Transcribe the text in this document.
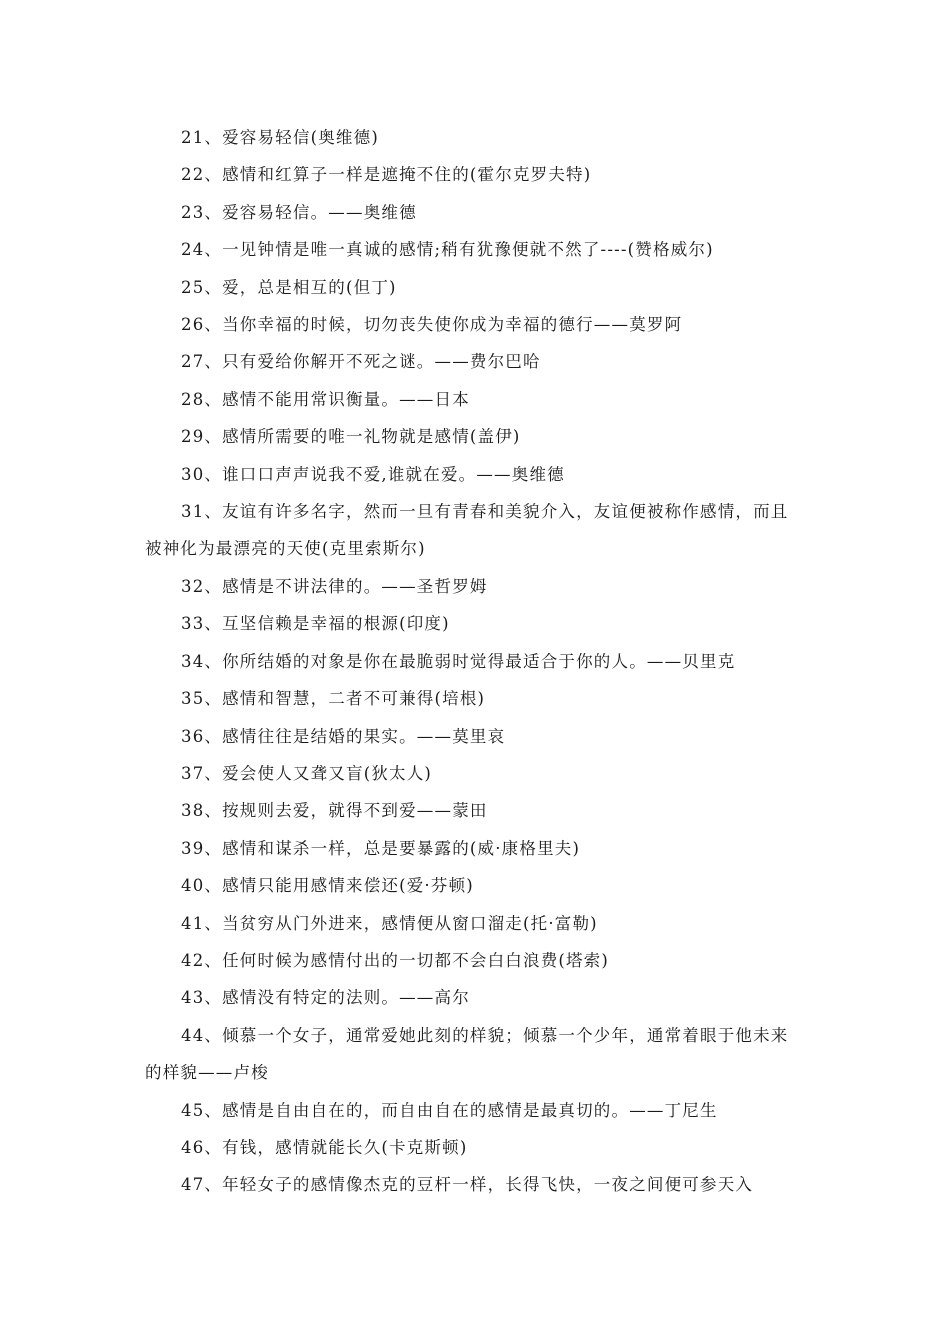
21、爱容易轻信(奥维德)

22、感情和红算子一样是遮掩不住的(霍尔克罗夫特)

23、爱容易轻信。——奥维德

24、一见钟情是唯一真诚的感情;稍有犹豫便就不然了----(赞格威尔)

25、爱，总是相互的(但丁)

26、当你幸福的时候，切勿丧失使你成为幸福的德行——莫罗阿

27、只有爱给你解开不死之谜。——费尔巴哈

28、感情不能用常识衡量。——日本

29、感情所需要的唯一礼物就是感情(盖伊)

30、谁口口声声说我不爱,谁就在爱。——奥维德

31、友谊有许多名字，然而一旦有青春和美貌介入，友谊便被称作感情，而且被神化为最漂亮的天使(克里索斯尔)

32、感情是不讲法律的。——圣哲罗姆

33、互坚信赖是幸福的根源(印度)

34、你所结婚的对象是你在最脆弱时觉得最适合于你的人。——贝里克

35、感情和智慧，二者不可兼得(培根)

36、感情往往是结婚的果实。——莫里哀

37、爱会使人又聋又盲(狄太人)

38、按规则去爱，就得不到爱——蒙田

39、感情和谋杀一样，总是要暴露的(威·康格里夫)

40、感情只能用感情来偿还(爱·芬顿)

41、当贫穷从门外进来，感情便从窗口溜走(托·富勒)

42、任何时候为感情付出的一切都不会白白浪费(塔索)

43、感情没有特定的法则。——高尔

44、倾慕一个女子，通常爱她此刻的样貌；倾慕一个少年，通常着眼于他未来的样貌——卢梭

45、感情是自由自在的，而自由自在的感情是最真切的。——丁尼生

46、有钱，感情就能长久(卡克斯顿)

47、年轻女子的感情像杰克的豆杆一样，长得飞快，一夜之间便可参天入
